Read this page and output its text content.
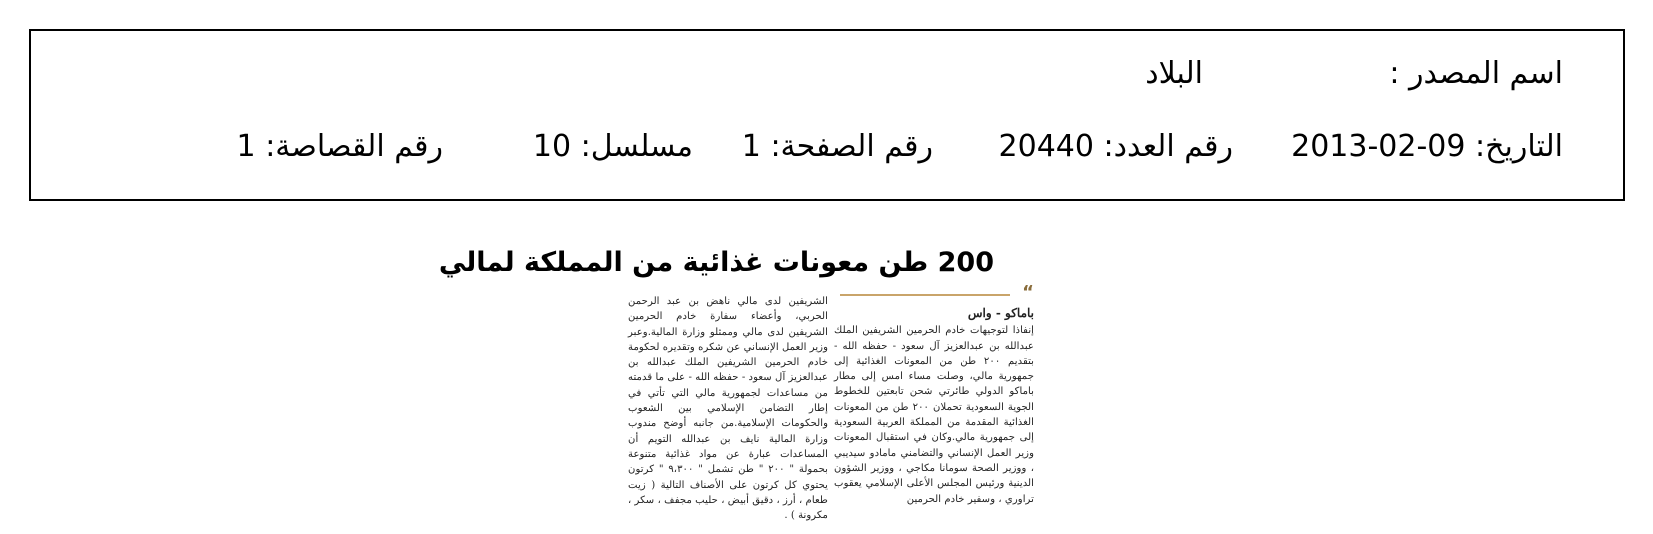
اسم المصدر :
البلاد
التاريخ: 2013-02-09
رقم العدد: 20440
رقم الصفحة: 1
مسلسل: 10
رقم القصاصة: 1
200 طن معونات غذائية من المملكة لمالي
“
باماكو - واس
إنفاذا لتوجيهات خادم الحرمين الشريفين الملك عبدالله بن عبدالعزيز آل سعود - حفظه الله - بتقديم ٢٠٠ طن من المعونات الغذائية إلى جمهورية مالي، وصلت مساء امس إلى مطار باماكو الدولي طائرتي شحن تابعتين للخطوط الجوية السعودية تحملان ٢٠٠ طن من المعونات الغذائية المقدمة من المملكة العربية السعودية إلى جمهورية مالي.وكان في استقبال المعونات وزير العمل الإنساني والتضامني مامادو سيديبي ، ووزير الصحة سومانا مكاجي ، ووزير الشؤون الدينية ورئيس المجلس الأعلى الإسلامي يعقوب تراوري ، وسفير خادم الحرمين
الشريفين لدى مالي ناهض بن عبد الرحمن الحربي، وأعضاء سفارة خادم الحرمين الشريفين لدى مالي وممثلو وزارة المالية.وعبر وزير العمل الإنساني عن شكره وتقديره لحكومة خادم الحرمين الشريفين الملك عبدالله بن عبدالعزيز آل سعود - حفظه الله - على ما قدمته من مساعدات لجمهورية مالي التي تأتي في إطار التضامن الإسلامي بين الشعوب والحكومات الإسلامية.من جانبه أوضح مندوب وزارة المالية نايف بن عبدالله التويم أن المساعدات عبارة عن مواد غذائية متنوعة بحمولة " ٢٠٠ " طن تشمل " ٩،٣٠٠ " كرتون يحتوي كل كرتون على الأصناف التالية ( زيت طعام ، أرز ، دقيق أبيض ، حليب مجفف ، سكر ، مكرونة ) .
